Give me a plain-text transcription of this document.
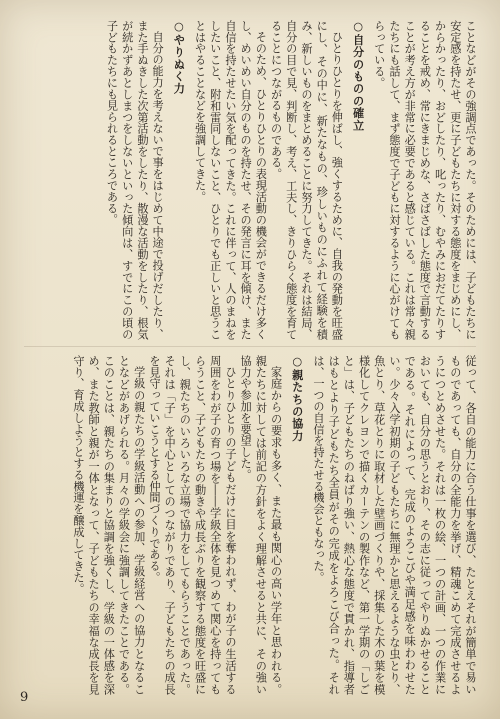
ことなどがその強調点であった。そのためには、子どもたちに安定感を持たせ、更に子どもたちに対する態度をまじめにし、からかったり、おどしたり、叱ったり、むやみにおだてたりすることを戒め、常にきまじめな、さばさばした態度で言動することが考え方が非常に必要であると感じている。これは常々親たちにも話して、まず態度で子どもに対するように心がけてもらっている。

○自分のものの確立

ひとりひとりを伸ばし、強くするために、自我の発動を旺盛にし、その中に、新たなもの、珍しいものにふれて経験を積み、新しいものをまとめることに努力してきた。それは結局、自分の目で見、判断し、考え、工夫し、きりひらく態度を育てることにつながるものである。

そのため、ひとりひとりの表現活動の機会ができるだけ多くし、めいめい自分のものを持たせ、その発言に耳を傾け、また自信を持たせたい気を配ってきた。これに伴って、人のまねをしたいこと、附和雷同しないこと、ひとりでも正しいと思うことはやることなどを強調してきた。

○やりぬく力

自分の能力を考えないで事をはじめて中途で投げだしたり、また手ぬきした次第活動をしたり、散漫な活動をしたり、根気が続かずあとしまつをしないといった傾向は、すでにこの頃の子どもたちにも見られるところである。

従って、各自の能力に合う仕事を選び、たとえそれが簡単で易いものであっても、自分の全能力を挙げ、精魂こめて完成させるようにつとめさせた。それは一枚の絵、一つの計画、一つの作業においても、自分の思うとおり、その志に従ってやりぬかせることである。それによって、完成のよろこびや満足感を味わわせたい。少々入学初期の子どもたちに無理かと思えるような虫とり、魚とり、草花とりに取材した壁画づくりや、採集した木の葉を模様化してクレヨンで描くカーテンの製作など、第一学期の「しごと」は、子どもたちのねばり強い、熱心な態度で貫かれ、指導者はもとより子どもたち全員がその完成をよろこび合った。それは、一つの自信を持たせる機会ともなった。

○親たちの協力

家庭からの要求も多く、また最も関心の高い学年と思われる。親たちに対しては前記の方針をよく理解させると共に、その強い協力や参加を要望した。

ひとりひとりの子どもだけに目を奪われず、わが子の生活する周囲をわが子の育つ場を――学級全体を見つめて関心を持ってもらうこと、子どもたちの動きや成長ぶりを観察する態度を旺盛にし、親たちのいろいろな立場で協力をしてもらうことであった。それは「子」を中心としてのつながりであり、子どもたちの成長を見守っていこうとする仲間づくりである。

学級の親たちの学級活動への参加、学級経営への協力となることなどがあげられる。月々の学級会に強調してきたことである。このことは、親たちの集まりと協調を強くし、学級の一体感を深め、また教師と親が一体となって、子どもたちの幸福な成長を見守り、育成しようとする機運を醸成してきた。

9
